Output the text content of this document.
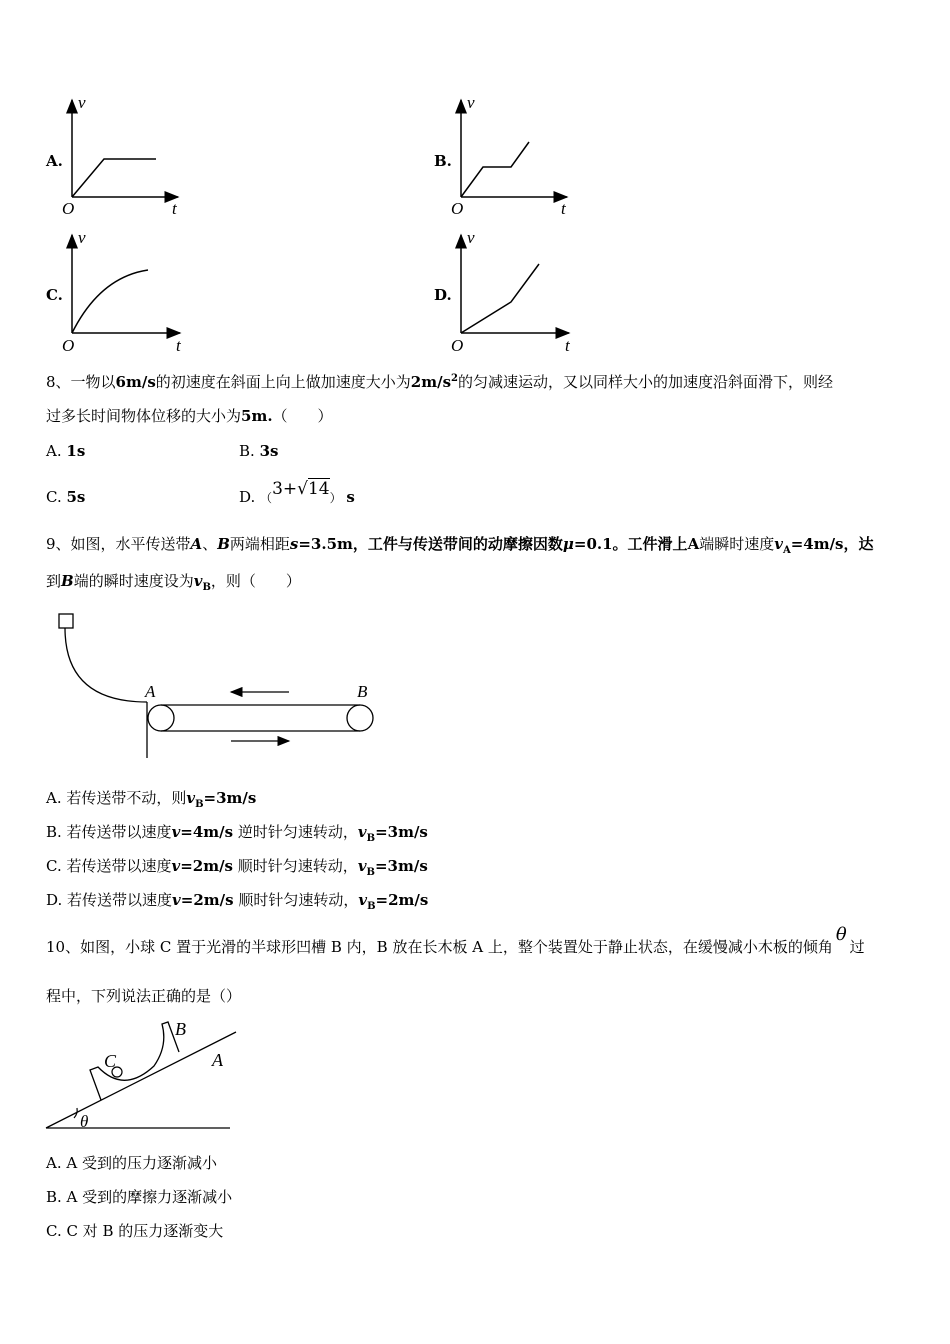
A.
v
t
O
B.
v
t
O
C.
v
t
O
D.
v
t
O
8、一物以6m/s的初速度在斜面上向上做加速度大小为$2m/s^2$的匀减速运动，又以同样大小的加速度沿斜面滑下，则经
过多长时间物体位移的大小为5m.（　　）
A. 1s	B. 3s
C. 5s	D. （3+√14） s
9、如图，水平传送带A、B两端相距s=3.5m，工件与传送带间的动摩擦因数μ=0.1。工件滑上A端瞬时速度$v_A=4m/s$，达
到B端的瞬时速度设为$v_B$，则（　　）
A	B
A. 若传送带不动，则$v_B=3m/s$
B. 若传送带以速度v=4m/s 逆时针匀速转动，$v_B=3m/s$
C. 若传送带以速度v=2m/s 顺时针匀速转动，$v_B=3m/s$
D. 若传送带以速度v=2m/s 顺时针匀速转动，$v_B=2m/s$
10、如图，小球 C 置于光滑的半球形凹槽 B 内，B 放在长木板 A 上，整个装置处于静止状态，在缓慢减小木板的倾角θ过
程中，下列说法正确的是（）
B
C	A
θ
A. A 受到的压力逐渐减小
B. A 受到的摩擦力逐渐减小
C. C 对 B 的压力逐渐变大
